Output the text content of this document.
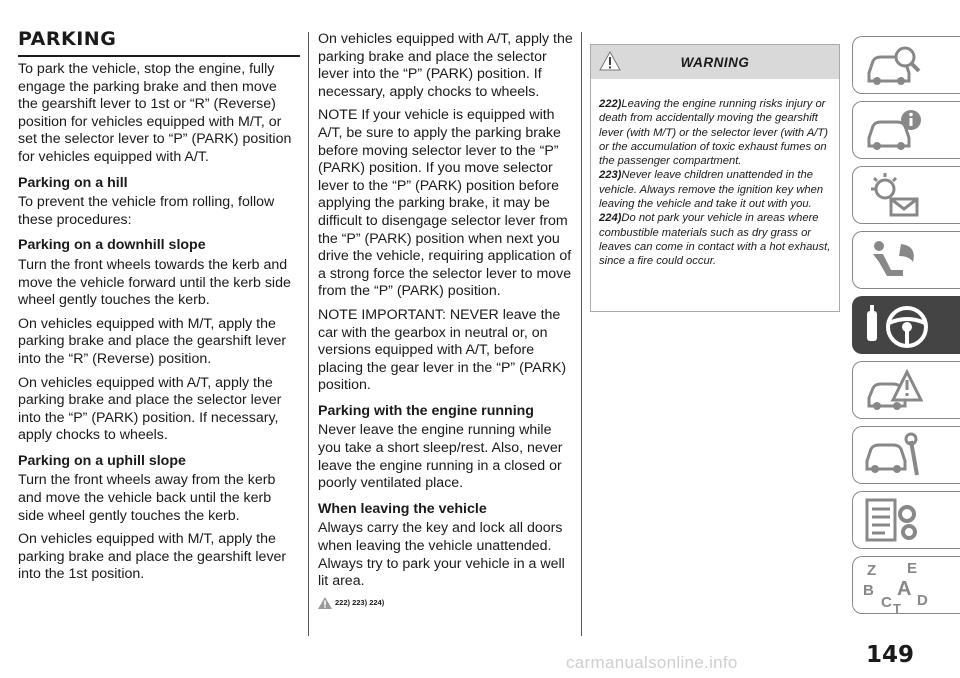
PARKING

To park the vehicle, stop the engine, fully engage the parking brake and then move the gearshift lever to 1st or “R” (Reverse) position for vehicles equipped with M/T, or set the selector lever to “P” (PARK) position for vehicles equipped with A/T.

Parking on a hill

To prevent the vehicle from rolling, follow these procedures:

Parking on a downhill slope

Turn the front wheels towards the kerb and move the vehicle forward until the kerb side wheel gently touches the kerb.

On vehicles equipped with M/T, apply the parking brake and place the gearshift lever into the “R” (Reverse) position.

On vehicles equipped with A/T, apply the parking brake and place the selector lever into the “P” (PARK) position. If necessary, apply chocks to wheels.

Parking on a uphill slope

Turn the front wheels away from the kerb and move the vehicle back until the kerb side wheel gently touches the kerb.

On vehicles equipped with M/T, apply the parking brake and place the gearshift lever into the 1st position.

On vehicles equipped with A/T, apply the parking brake and place the selector lever into the “P” (PARK) position. If necessary, apply chocks to wheels.

NOTE If your vehicle is equipped with A/T, be sure to apply the parking brake before moving selector lever to the “P” (PARK) position. If you move selector lever to the “P” (PARK) position before applying the parking brake, it may be difficult to disengage selector lever from the “P” (PARK) position when next you drive the vehicle, requiring application of a strong force the selector lever to move from the “P” (PARK) position.

NOTE IMPORTANT: NEVER leave the car with the gearbox in neutral or, on versions equipped with A/T, before placing the gear lever in the “P” (PARK) position.

Parking with the engine running

Never leave the engine running while you take a short sleep/rest. Also, never leave the engine running in a closed or poorly ventilated place.

When leaving the vehicle

Always carry the key and lock all doors when leaving the vehicle unattended. Always try to park your vehicle in a well lit area.

222) 223) 224)
WARNING

222)Leaving the engine running risks injury or death from accidentally moving the gearshift lever (with M/T) or the selector lever (with A/T) or the accumulation of toxic exhaust fumes on the passenger compartment.

223)Never leave children unattended in the vehicle. Always remove the ignition key when leaving the vehicle and take it out with you.

224)Do not park your vehicle in areas where combustible materials such as dry grass or leaves can come in contact with a hot exhaust, since a fire could occur.

Z E
B A
C D
T
149
carmanualsonline.info
